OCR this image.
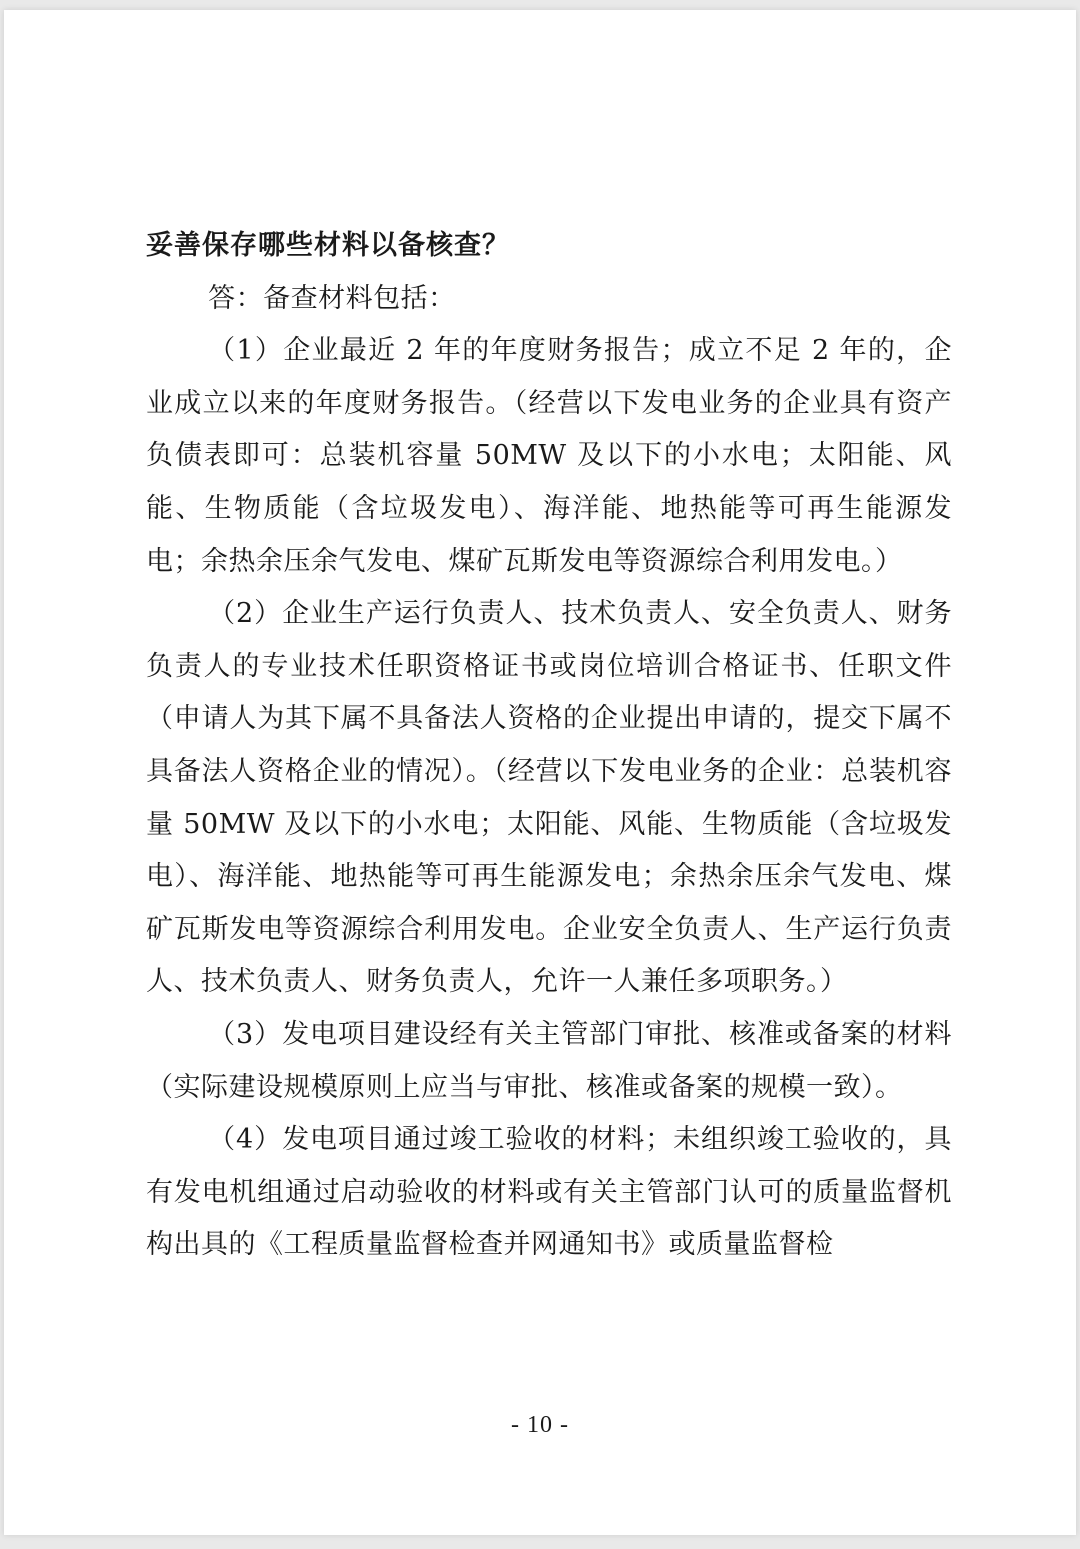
妥善保存哪些材料以备核查？

答：备查材料包括：

（1）企业最近 2 年的年度财务报告；成立不足 2 年的，企业成立以来的年度财务报告。（经营以下发电业务的企业具有资产负债表即可：总装机容量 50MW 及以下的小水电；太阳能、风能、生物质能（含垃圾发电）、海洋能、地热能等可再生能源发电；余热余压余气发电、煤矿瓦斯发电等资源综合利用发电。）

（2）企业生产运行负责人、技术负责人、安全负责人、财务负责人的专业技术任职资格证书或岗位培训合格证书、任职文件（申请人为其下属不具备法人资格的企业提出申请的，提交下属不具备法人资格企业的情况）。（经营以下发电业务的企业：总装机容量 50MW 及以下的小水电；太阳能、风能、生物质能（含垃圾发电）、海洋能、地热能等可再生能源发电；余热余压余气发电、煤矿瓦斯发电等资源综合利用发电。企业安全负责人、生产运行负责人、技术负责人、财务负责人，允许一人兼任多项职务。）

（3）发电项目建设经有关主管部门审批、核准或备案的材料（实际建设规模原则上应当与审批、核准或备案的规模一致）。

（4）发电项目通过竣工验收的材料；未组织竣工验收的，具有发电机组通过启动验收的材料或有关主管部门认可的质量监督机构出具的《工程质量监督检查并网通知书》或质量监督检

- 10 -
